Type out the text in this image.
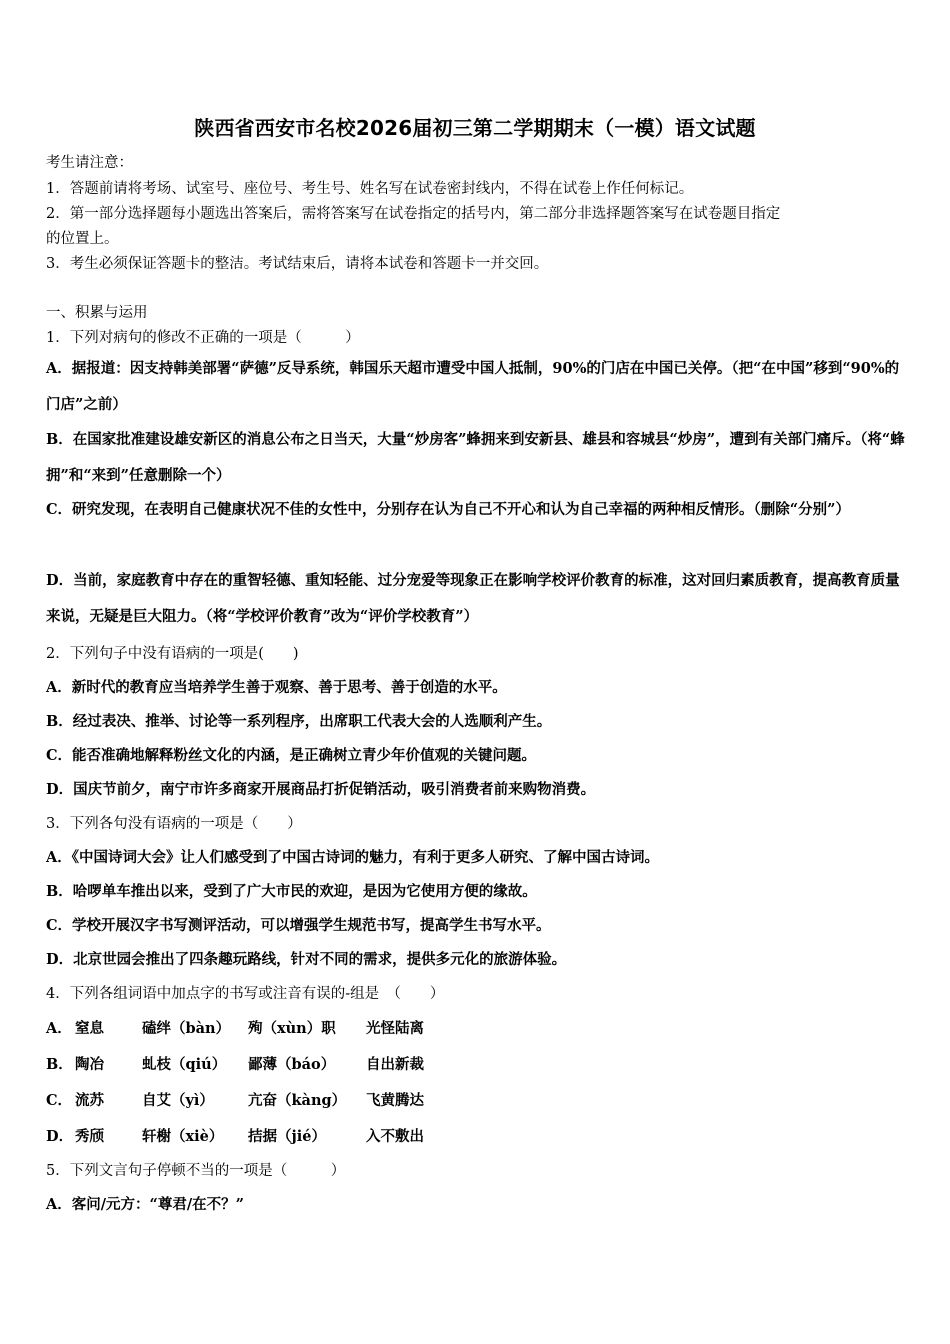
陕西省西安市名校2026届初三第二学期期末（一模）语文试题
考生请注意：
1．答题前请将考场、试室号、座位号、考生号、姓名写在试卷密封线内，不得在试卷上作任何标记。
2．第一部分选择题每小题选出答案后，需将答案写在试卷指定的括号内，第二部分非选择题答案写在试卷题目指定
的位置上。
3．考生必须保证答题卡的整洁。考试结束后，请将本试卷和答题卡一并交回。
一、积累与运用
1．下列对病句的修改不正确的一项是（　　　）
A．据报道：因支持韩美部署“萨德”反导系统，韩国乐天超市遭受中国人抵制，90%的门店在中国已关停。（把“在中国”移到“90%的门店”之前）
B．在国家批准建设雄安新区的消息公布之日当天，大量“炒房客”蜂拥来到安新县、雄县和容城县“炒房”，遭到有关部门痛斥。（将“蜂拥”和“来到”任意删除一个）
C．研究发现，在表明自己健康状况不佳的女性中，分别存在认为自己不开心和认为自己幸福的两种相反情形。（删除“分别”）
D．当前，家庭教育中存在的重智轻德、重知轻能、过分宠爱等现象正在影响学校评价教育的标准，这对回归素质教育，提高教育质量来说，无疑是巨大阻力。（将“学校评价教育”改为“评价学校教育”）
2．下列句子中没有语病的一项是(　　)
A．新时代的教育应当培养学生善于观察、善于思考、善于创造的水平。
B．经过表决、推举、讨论等一系列程序，出席职工代表大会的人选顺利产生。
C．能否准确地解释粉丝文化的内涵，是正确树立青少年价值观的关键问题。
D．国庆节前夕，南宁市许多商家开展商品打折促销活动，吸引消费者前来购物消费。
3．下列各句没有语病的一项是（　　）
A．《中国诗词大会》让人们感受到了中国古诗词的魅力，有利于更多人研究、了解中国古诗词。
B．哈啰单车推出以来，受到了广大市民的欢迎，是因为它使用方便的缘故。
C．学校开展汉字书写测评活动，可以增强学生规范书写，提高学生书写水平。
D．北京世园会推出了四条趣玩路线，针对不同的需求，提供多元化的旅游体验。
4．下列各组词语中加点字的书写或注音有误的-组是　（　　）
A． 窒息	磕绊（bàn） 殉（xùn）职 光怪陆离
B． 陶冶	虬枝（qiú） 鄙薄（báo） 自出新裁
C． 流苏	自艾（yì） 亢奋（kàng） 飞黄腾达
D． 秀颀	轩榭（xiè） 拮据（jié）	入不敷出
5．下列文言句子停顿不当的一项是（　　　）
A．客问/元方：“尊君/在不？”
